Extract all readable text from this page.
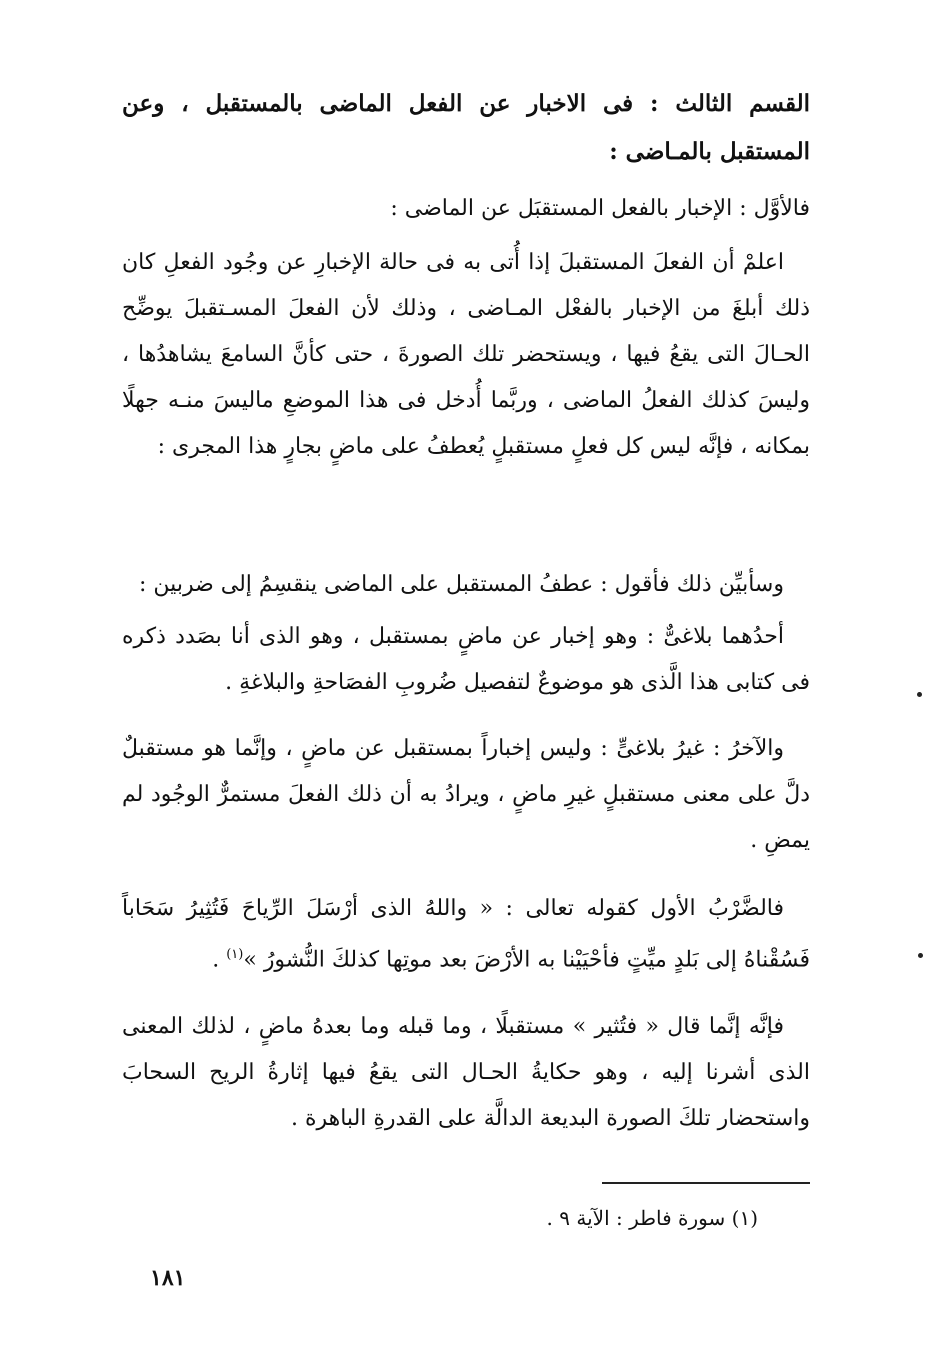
القسم الثالث : فى الاخبار عن الفعل الماضى بالمستقبل ، وعن المستقبل بالمـاضى :

فالأوَّل : الإخبار بالفعل المستقبَل عن الماضى :

اعلمْ أن الفعلَ المستقبلَ إذا أُتى به فى حالة الإخبارِ عن وجُود الفعلِ كان ذلك أبلغَ من الإخبار بالفعْل المـاضى ، وذلك لأن الفعلَ المسـتقبلَ يوضِّح الحـالَ التى يقعُ فيها ، ويستحضر تلك الصورةَ ، حتى كأنَّ السامعَ يشاهدُها ، وليسَ كذلك الفعلُ الماضى ، وربَّما أُدخل فى هذا الموضعِ ماليسَ منـه جهلًا بمكانه ، فإنَّه ليس كل فعلٍ مستقبلٍ يُعطفُ على ماضٍ بجارٍ هذا المجرى :

وسأبيِّن ذلك فأقول : عطفُ المستقبل على الماضى ينقسِمُ إلى ضربين :

أحدُهما بلاغىٌّ : وهو إخبار عن ماضٍ بمستقبل ، وهو الذى أنا بصَدد ذكره فى كتابى هذا الَّذى هو موضوعٌ لتفصيل ضُروبِ الفصَاحةِ والبلاغةِ .

والآخرُ : غيرُ بلاغىٍّ : وليس إخباراً بمستقبل عن ماضٍ ، وإنَّما هو مستقبلٌ دلَّ على معنى مستقبلٍ غيرِ ماضٍ ، ويرادُ به أن ذلك الفعلَ مستمرٌّ الوجُود لم يمضِ .

فالضَّرْبُ الأول كقوله تعالى : « واللهُ الذى أرْسَلَ الرِّياحَ فَتُثِيرُ سَحَاباً فَسُقْناهُ إلى بَلدٍ ميِّتٍ فأحْيَيْنا به الأرْضَ بعد موتِها كذلكَ النُّشورُ »$^{(١)}$ .

فإنَّه إنَّما قال « فتُثير » مستقبلًا ، وما قبله وما بعدهُ ماضٍ ، لذلك المعنى الذى أشرنا إليه ، وهو حكايةُ الحـال التى يقعُ فيها إثارةُ الريح السحابَ واستحضار تلكَ الصورة البديعة الدالَّة على القدرةِ الباهرة .

(١) سورة فاطر : الآية ٩ .
١٨١
